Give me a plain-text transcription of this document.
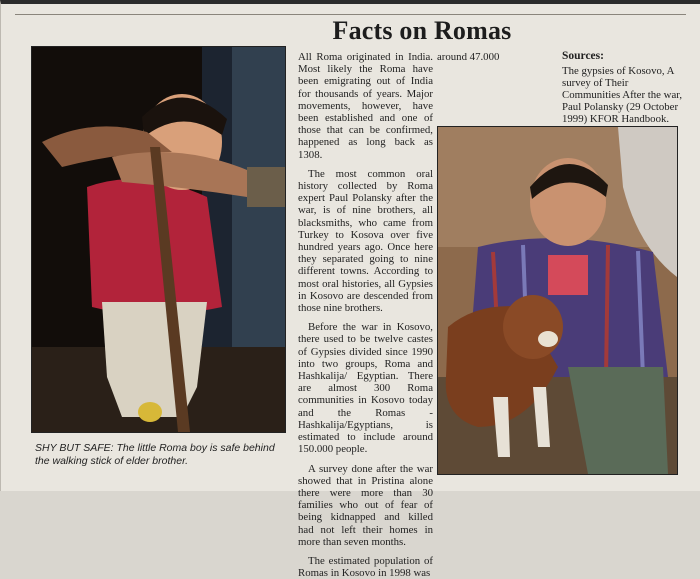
SHY BUT SAFE: The little Roma boy is safe behind the walking stick of elder brother.
Facts on Romas

All Roma originated in India. Most likely the Roma have been emigrating out of India for thousands of years. Major movements, however, have been established and one of those that can be confirmed, happened as long back as 1308.

The most common oral history collected by Roma expert Paul Polansky after the war, is of nine brothers, all blacksmiths, who came from Turkey to Kosova over five hundred years ago. Once here they separated going to nine different towns. According to most oral histories, all Gypsies in Kosovo are descended from those nine brothers.

Before the war in Kosovo, there used to be twelve castes of Gypsies divided since 1990 into two groups, Roma and Hashkalija/ Egyptian. There are almost 300 Roma communities in Kosovo today and the Romas - Hashkalija/Egyptians, is estimated to include around 150.000 people.

A survey done after the war showed that in Pristina alone there were more than 30 families who out of fear of being kidnapped and killed had not left their homes in more than seven months.

The estimated population of Romas in Kosovo in 1998 was

around 47.000	Sources:
The gypsies of Kosovo, A survey of Their Communities After the war, Paul Polansky (29 October 1999) KFOR Handbook.
